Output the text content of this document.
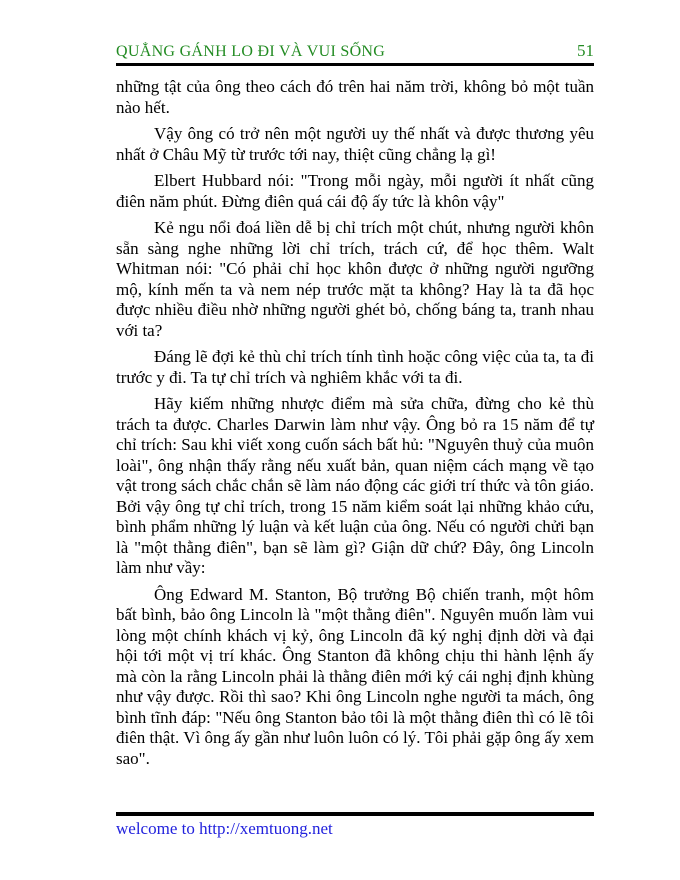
QUẲNG GÁNH LO ĐI VÀ VUI SỐNG	51

những tật của ông theo cách đó trên hai năm trời, không bỏ một tuần nào hết.

Vậy ông có trở nên một người uy thế nhất và được thương yêu nhất ở Châu Mỹ từ trước tới nay, thiệt cũng chẳng lạ gì!

Elbert Hubbard nói: "Trong mỗi ngày, mỗi người ít nhất cũng điên năm phút. Đừng điên quá cái độ ấy tức là khôn vậy"

Kẻ ngu nổi đoá liền dễ bị chỉ trích một chút, nhưng người khôn sẵn sàng nghe những lời chỉ trích, trách cứ, để học thêm. Walt Whitman nói: "Có phải chỉ học khôn được ở những người ngưỡng mộ, kính mến ta và nem nép trước mặt ta không? Hay là ta đã học được nhiều điều nhờ những người ghét bỏ, chống báng ta, tranh nhau với ta?

Đáng lẽ đợi kẻ thù chỉ trích tính tình hoặc công việc của ta, ta đi trước y đi. Ta tự chỉ trích và nghiêm khắc với ta đi.

Hãy kiếm những nhược điểm mà sửa chữa, đừng cho kẻ thù trách ta được. Charles Darwin làm như vậy. Ông bỏ ra 15 năm để tự chỉ trích: Sau khi viết xong cuốn sách bất hủ: "Nguyên thuỷ của muôn loài", ông nhận thấy rằng nếu xuất bản, quan niệm cách mạng về tạo vật trong sách chắc chắn sẽ làm náo động các giới trí thức và tôn giáo. Bởi vậy ông tự chỉ trích, trong 15 năm kiểm soát lại những khảo cứu, bình phẩm những lý luận và kết luận của ông. Nếu có người chửi bạn là "một thằng điên", bạn sẽ làm gì? Giận dữ chứ? Đây, ông Lincoln làm như vầy:

Ông Edward M. Stanton, Bộ trưởng Bộ chiến tranh, một hôm bất bình, bảo ông Lincoln là "một thằng điên". Nguyên muốn làm vui lòng một chính khách vị kỷ, ông Lincoln đã ký nghị định dời và đại hội tới một vị trí khác. Ông Stanton đã không chịu thi hành lệnh ấy mà còn la rằng Lincoln phải là thằng điên mới ký cái nghị định khùng như vậy được. Rồi thì sao? Khi ông Lincoln nghe người ta mách, ông bình tĩnh đáp: "Nếu ông Stanton bảo tôi là một thằng điên thì có lẽ tôi điên thật. Vì ông ấy gần như luôn luôn có lý. Tôi phải gặp ông ấy xem sao".

welcome to http://xemtuong.net
